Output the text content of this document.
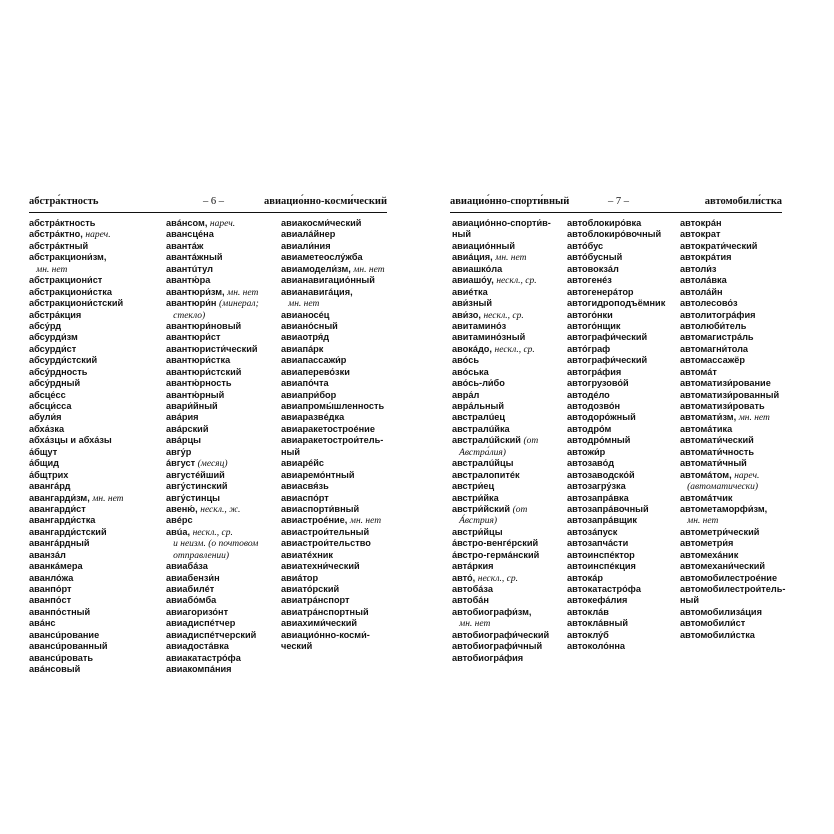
абстра́ктность	– 6 –	авиацио́нно-косми́ческий
абстра́ктность
абстра́ктно, нареч.
абстра́ктный
абстракциони́зм,
мн. нет
абстракциони́ст
абстракциони́стка
абстракциони́стский
абстра́кция
абсу́рд
абсурди́зм
абсурди́ст
абсурди́стский
абсу́рдность
абсу́рдный
абсце́сс
абсци́сса
абули́я
абха́зка
абха́зцы и абха́зы
а́бщут
а́бщид
а́бщтрих
авангáрд
авангарди́зм, мн. нет
авангарди́ст
авангарди́стка
авангарди́стский
авангáрдный
аванзáл
аванкáмера
аванло́жа
аванпо́рт
аванпо́ст
аванпо́стный
авáнс
авансúрование
авансúрованный
авансúровать
авáнсовый
авáнсом, нареч.
авансце́на
авантáж
авантáжный
авантúтул
авантю́ра
авантюри́зм, мн. нет
авантюри́н (минерал;
стекло)
авантюри́новый
авантюри́ст
авантюристи́ческий
авантюри́стка
авантюри́стский
авантю́рность
авантю́рный
авари́йный
авáрия
авáрский
авáрцы
авгу́р
áвгуст (месяц)
августéйший
авгу́стинский
авгу́стинцы
авеню́, нескл., ж.
авéрс
авúа, нескл., ср.
и неизм. (о почтовом
отправлении)
авиабáза
авиабензи́н
авиабилéт
авиабо́мба
авиагоризо́нт
авиадиспéтчер
авиадиспéтчерский
авиадостáвка
авиакатастро́фа
авиакомпáния
авиакосми́ческий
авиалáйнер
авиали́ния
авиаметеослу́жба
авиамодели́зм, мн. нет
авианавигацио́нный
авианавигáция,
мн. нет
авианосéц
авиано́сный
авиаотря́д
авиапáрк
авиапассажи́р
авиаперево́зки
авиапо́чта
авиапри́бор
авиапромы́шленность
авиаразвéдка
авиаракетостроéние
авиаракетострои́тель-
ный
авиарéйс
авиаремо́нтный
авиасвя́зь
авиаспо́рт
авиаспорти́вный
авиастроéние, мн. нет
авиастрои́тельный
авиастрои́тельство
авиатéхник
авиатехни́ческий
авиáтор
авиато́рский
авиатрáнспорт
авиатрáнспортный
авиахими́ческий
авиацио́нно-косми́-
ческий
авиацио́нно-спорти́вный	– 7 –	автомобили́стка
авиацио́нно-спорти́в-
ный
авиацио́нный
авиáция, мн. нет
авиашко́ла
авиашо́у, нескл., ср.
авиéтка
ави́зный
ави́зо, нескл., ср.
авитамино́з
авитамино́зный
авокáдо, нескл., ср.
аво́сь
аво́ська
аво́сь-ли́бо
авра́л
авра́льный
австралúец
австралúйка
австралúйский (от
Австра́лия)
австралúйцы
австралопитéк
австри́ец
австри́йка
австри́йский (от
А́встрия)
австри́йцы
а́встро-венгéрский
а́встро-гермáнский
автáркия
авто́, нескл., ср.
автобáза
автобáн
автобиографи́зм,
мн. нет
автобиографи́ческий
автобиографи́чный
автобиогрáфия
автоблокиро́вка
автоблокиро́вочный
авто́бус
авто́бусный
автовокзáл
автогенéз
автогенерáтор
автогидроподъёмник
автого́нки
автого́нщик
автографи́ческий
авто́граф
автографи́ческий
автогрáфия
автогрузово́й
автодéло
автодозво́н
автодоро́жный
автодро́м
автодро́мный
автожи́р
автозаво́д
автозаводско́й
автозагру́зка
автозапрáвка
автозапрáвочный
автозапрáвщик
автозáпуск
автозапчáсти
автоинспéктор
автоинспéкция
автокáр
автокатастро́фа
автокефáлия
автоклáв
автоклáвный
автоклу́б
автоколо́нна
автокрáн
автократ
автократи́ческий
автокрáтия
автоли́з
автолáвка
автолáйн
автолесово́з
автолитогрáфия
автолюби́тель
автомагистрáль
автомагни́тола
автомассажёр
автомáт
автоматизи́рование
автоматизи́рованный
автоматизи́ровать
автомати́зм, мн. нет
автомáтика
автомати́ческий
автомати́чность
автомати́чный
автомáтом, нареч.
(автоматически)
автомáтчик
автометаморфи́зм,
мн. нет
автометри́ческий
автометри́я
автомехáник
автомехани́ческий
автомобилестроéние
автомобилестрои́тель-
ный
автомобилизáция
автомобили́ст
автомобили́стка
